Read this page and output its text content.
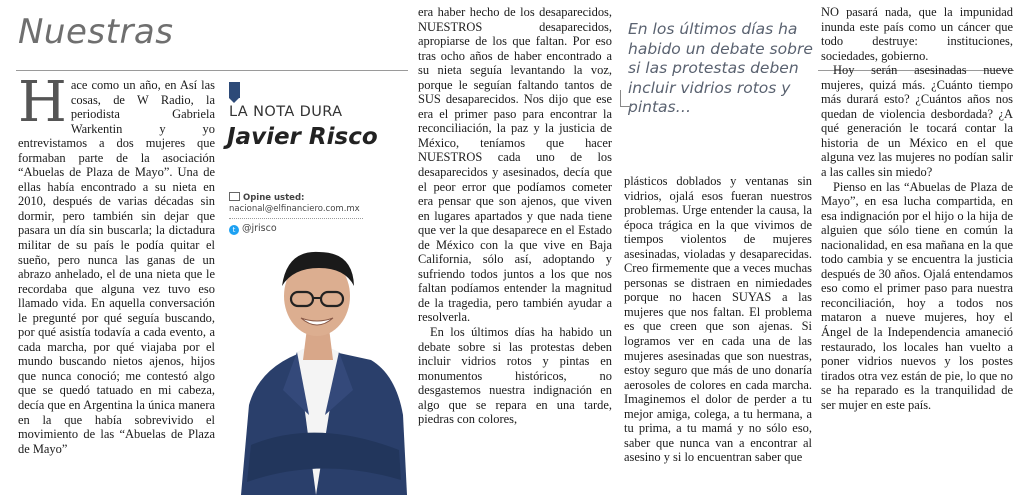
Nuestras
H ace como un año, en Así las cosas, de W Radio, la periodista Gabriela Warkentin y yo entrevistamos a dos mujeres que formaban parte de la asociación “Abuelas de Plaza de Mayo”. Una de ellas había encontrado a su nieta en 2010, después de varias décadas sin dormir, pero también sin dejar que pasara un día sin buscarla; la dictadura militar de su país le podía quitar el sueño, pero nunca las ganas de un abrazo anhelado, el de una nieta que le recordaba que alguna vez tuvo eso llamado vida. En aquella conversación le pregunté por qué seguía buscando, por qué asistía todavía a cada evento, a cada marcha, por qué viajaba por el mundo buscando nietos ajenos, hijos que nunca conoció; me contestó algo que se quedó tatuado en mi cabeza, decía que en Argentina la única manera en la que había sobrevivido el movimiento de las “Abuelas de Plaza de Mayo”

LA NOTA DURA
Javier Risco
Opine usted:
nacional@elfinanciero.com.mx
t @jrisco

era haber hecho de los desaparecidos, NUESTROS desaparecidos, apropiarse de los que faltan. Por eso tras ocho años de haber encontrado a su nieta seguía levantando la voz, porque le seguían faltando tantos de SUS desaparecidos. Nos dijo que ese era el primer paso para encontrar la reconciliación, la paz y la justicia de México, teníamos que hacer NUESTROS cada uno de los desaparecidos y asesinados, decía que el peor error que podíamos cometer era pensar que son ajenos, que viven en lugares apartados y que nada tiene que ver la que desaparece en el Estado de México con la que vive en Baja California, sólo así, adoptando y sufriendo todos juntos a los que nos faltan podíamos entender la magnitud de la tragedia, pero también ayudar a resolverla.

En los últimos días ha habido un debate sobre si las protestas deben incluir vidrios rotos y pintas en monumentos históricos, no desgastemos nuestra indignación en algo que se repara en una tarde, piedras con colores,

En los últimos días ha habido un debate sobre si las protestas deben incluir vidrios rotos y pintas…

plásticos doblados y ventanas sin vidrios, ojalá esos fueran nuestros problemas. Urge entender la causa, la época trágica en la que vivimos de tiempos violentos de mujeres asesinadas, violadas y desaparecidas. Creo firmemente que a veces muchas personas se distraen en nimiedades porque no hacen SUYAS a las mujeres que nos faltan. El problema es que creen que son ajenas. Si logramos ver en cada una de las mujeres asesinadas que son nuestras, estoy seguro que más de uno donaría aerosoles de colores en cada marcha. Imaginemos el dolor de perder a tu mejor amiga, colega, a tu hermana, a tu prima, a tu mamá y no sólo eso, saber que nunca van a encontrar al asesino y si lo encuentran saber que

NO pasará nada, que la impunidad inunda este país como un cáncer que todo destruye: instituciones, sociedades, gobierno.

Hoy serán asesinadas nueve mujeres, quizá más. ¿Cuánto tiempo más durará esto? ¿Cuántos años nos quedan de violencia desbordada? ¿A qué generación le tocará contar la historia de un México en el que alguna vez las mujeres no podían salir a las calles sin miedo?

Pienso en las “Abuelas de Plaza de Mayo”, en esa lucha compartida, en esa indignación por el hijo o la hija de alguien que sólo tiene en común la nacionalidad, en esa mañana en la que todo cambia y se encuentra la justicia después de 30 años. Ojalá entendamos eso como el primer paso para nuestra reconciliación, hoy a todos nos mataron a nueve mujeres, hoy el Ángel de la Independencia amaneció restaurado, los locales han vuelto a poner vidrios nuevos y los postes tirados otra vez están de pie, lo que no se ha reparado es la tranquilidad de ser mujer en este país.
